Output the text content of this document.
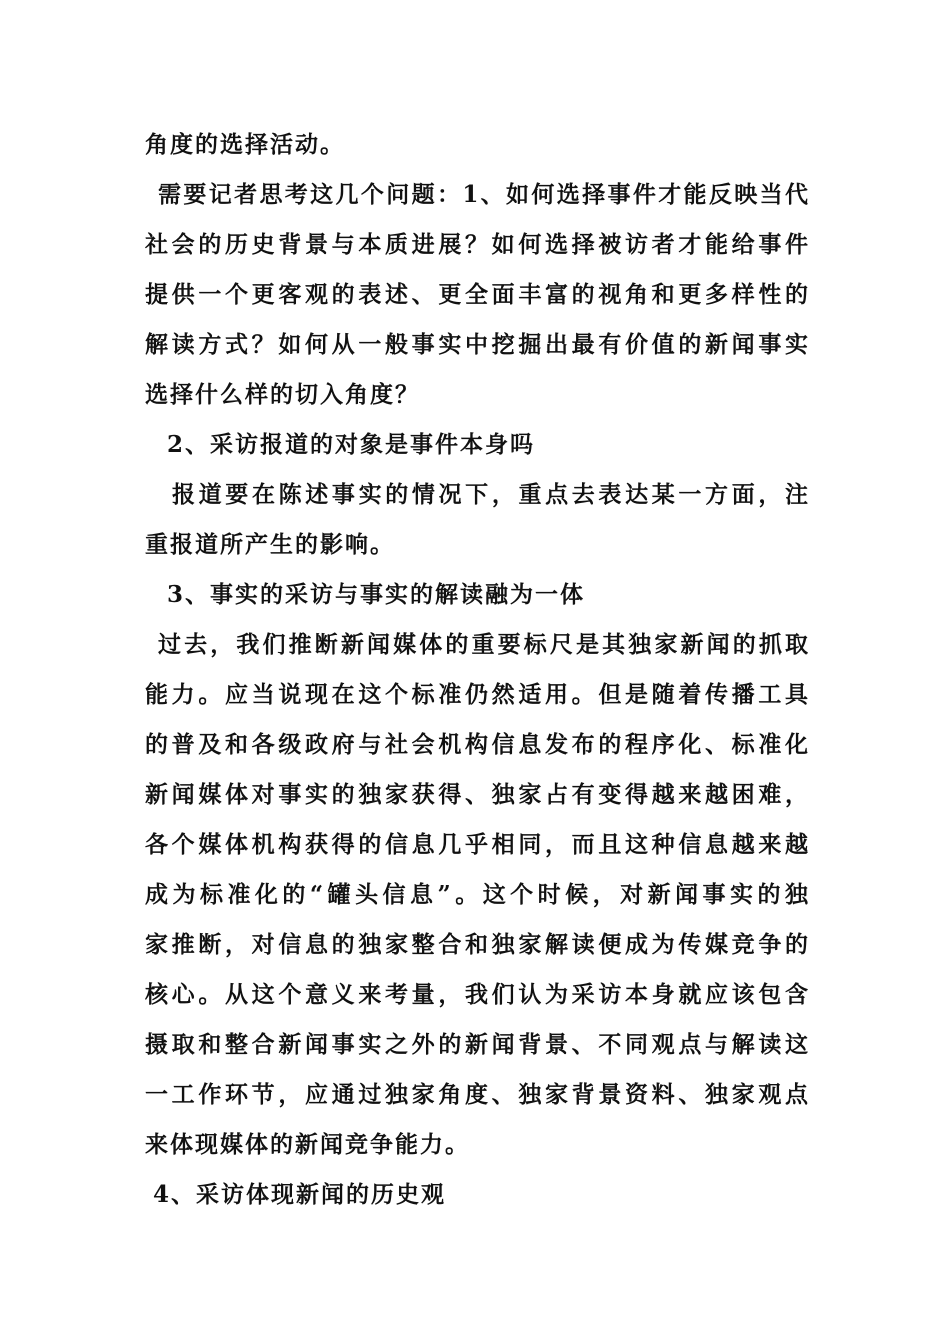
角度的选择活动。
需要记者思考这几个问题：1、如何选择事件才能反映当代
社会的历史背景与本质进展？如何选择被访者才能给事件
提供一个更客观的表述、更全面丰富的视角和更多样性的
解读方式？如何从一般事实中挖掘出最有价值的新闻事实
选择什么样的切入角度？
2、采访报道的对象是事件本身吗
报道要在陈述事实的情况下，重点去表达某一方面，注
重报道所产生的影响。
3、事实的采访与事实的解读融为一体
过去，我们推断新闻媒体的重要标尺是其独家新闻的抓取
能力。应当说现在这个标准仍然适用。但是随着传播工具
的普及和各级政府与社会机构信息发布的程序化、标准化
新闻媒体对事实的独家获得、独家占有变得越来越困难，
各个媒体机构获得的信息几乎相同，而且这种信息越来越
成为标准化的“罐头信息”。这个时候，对新闻事实的独
家推断，对信息的独家整合和独家解读便成为传媒竞争的
核心。从这个意义来考量，我们认为采访本身就应该包含
摄取和整合新闻事实之外的新闻背景、不同观点与解读这
一工作环节，应通过独家角度、独家背景资料、独家观点
来体现媒体的新闻竞争能力。
4、采访体现新闻的历史观
